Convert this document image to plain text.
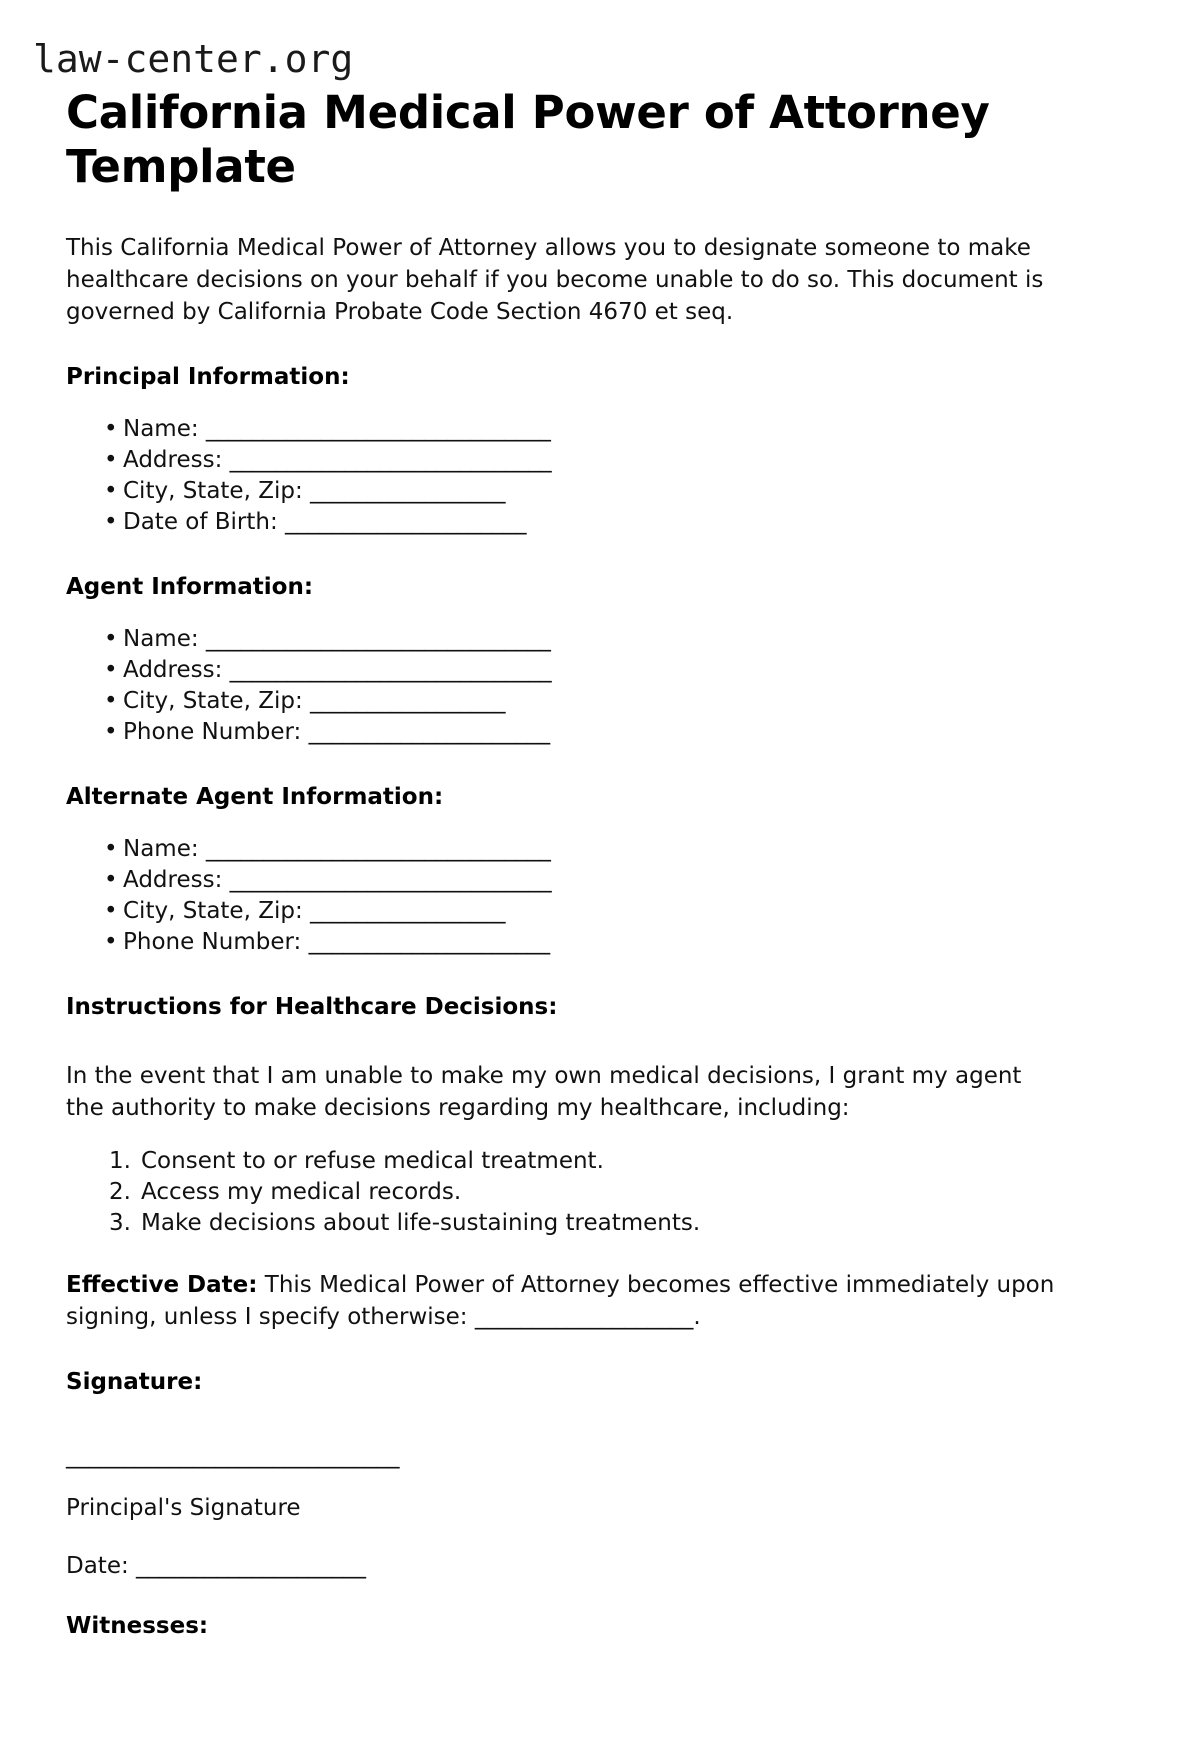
law-center.org
California Medical Power of Attorney Template

This California Medical Power of Attorney allows you to designate someone to make healthcare decisions on your behalf if you become unable to do so. This document is governed by California Probate Code Section 4670 et seq.

Principal Information:
• Name: ______________________________
• Address: ____________________________
• City, State, Zip: _________________
• Date of Birth: _____________________
Agent Information:
• Name: ______________________________
• Address: ____________________________
• City, State, Zip: _________________
• Phone Number: _____________________
Alternate Agent Information:
• Name: ______________________________
• Address: ____________________________
• City, State, Zip: _________________
• Phone Number: _____________________
Instructions for Healthcare Decisions:

In the event that I am unable to make my own medical decisions, I grant my agent the authority to make decisions regarding my healthcare, including:

Consent to or refuse medical treatment.
Access my medical records.
Make decisions about life-sustaining treatments.

Effective Date: This Medical Power of Attorney becomes effective immediately upon signing, unless I specify otherwise: ___________________.

Signature:

_____________________________

Principal's Signature

Date: ____________________

Witnesses:
